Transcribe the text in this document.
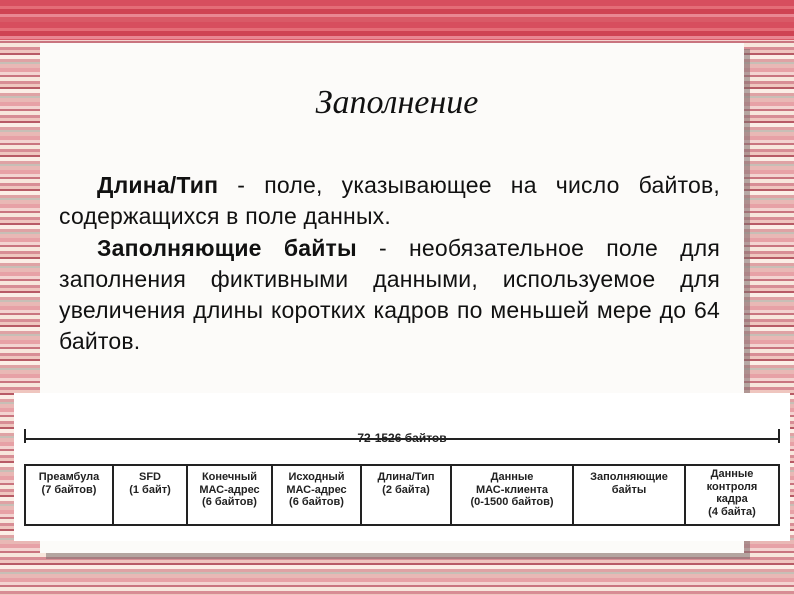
Заполнение

Длина/Тип - поле, указывающее на число байтов, содержащихся в поле данных.

Заполняющие байты - необязательное поле для заполнения фиктивными данными, используемое для увеличения длины коротких кадров по меньшей мере до 64 байтов.

72-1526 байтов
Преамбула
(7 байтов)
SFD
(1 байт)
Конечный
МАС-адрес
(6 байтов)
Исходный
МАС-адрес
(6 байтов)
Длина/Тип
(2 байта)
Данные
МАС-клиента
(0-1500 байтов)
Заполняющие
байты
Данные
контроля
кадра
(4 байта)
